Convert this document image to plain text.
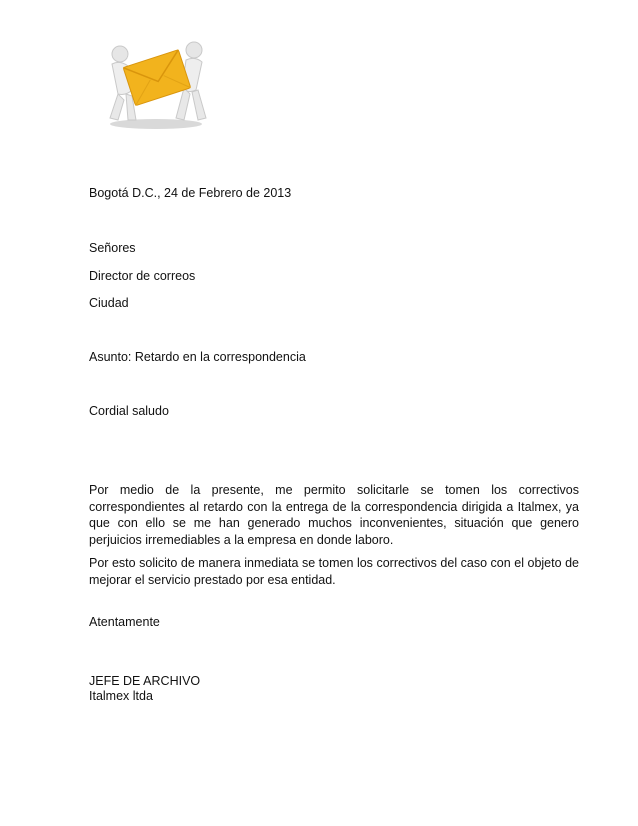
Bogotá D.C., 24 de Febrero de 2013
Señores
Director de correos
Ciudad
Asunto: Retardo en la correspondencia
Cordial saludo
Por medio de la presente, me permito solicitarle se tomen los correctivos correspondientes al retardo con la entrega de la correspondencia dirigida a Italmex, ya que con ello se me han generado muchos inconvenientes, situación que genero perjuicios irremediables a la empresa en donde laboro.
Por esto solicito de manera inmediata se tomen los correctivos del caso con el objeto de mejorar el servicio prestado por esa entidad.
Atentamente
JEFE DE ARCHIVO
Italmex ltda
